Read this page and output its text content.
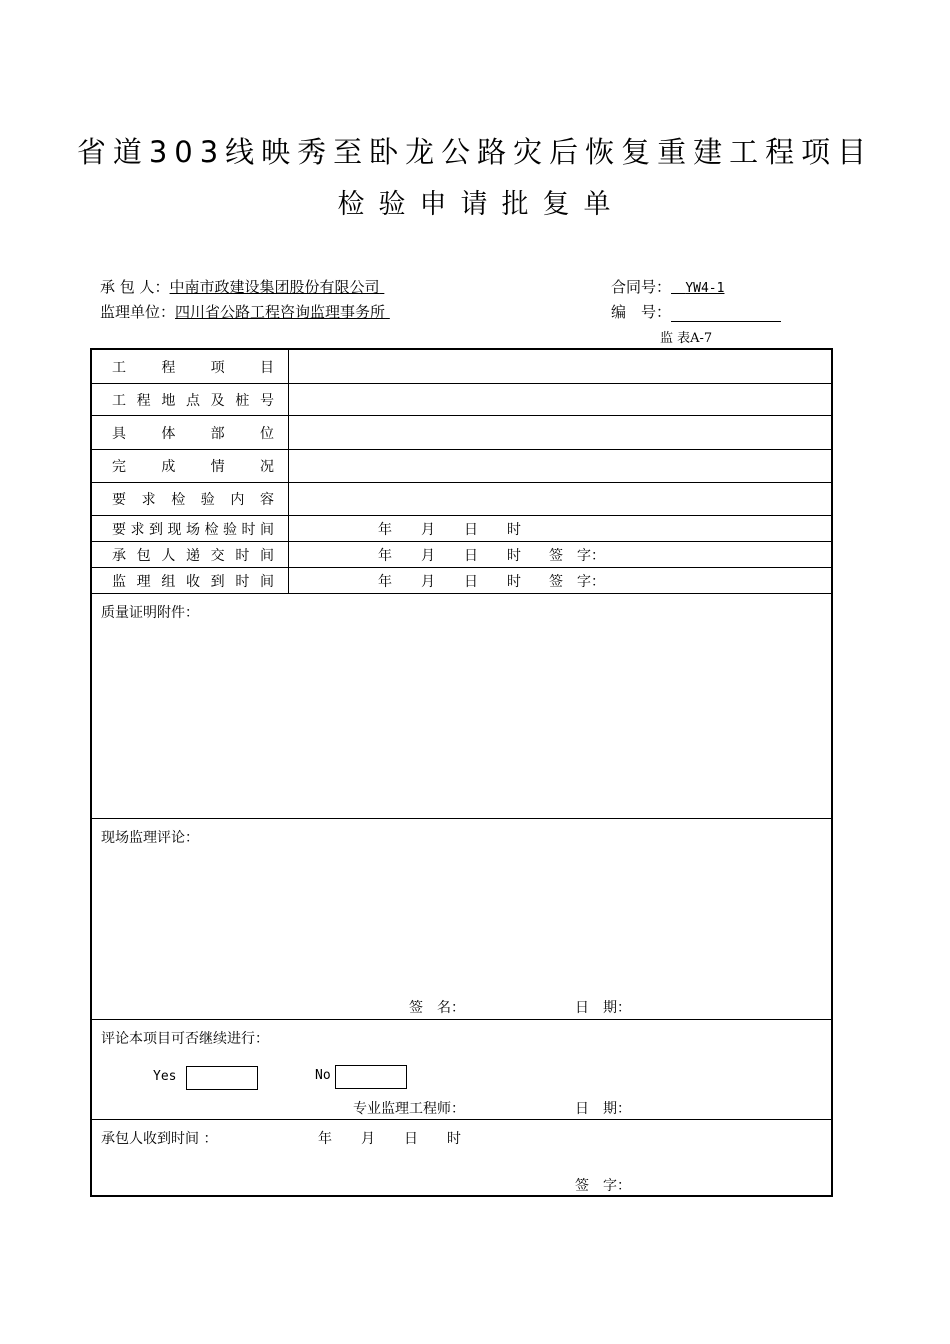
省道303线映秀至卧龙公路灾后恢复重建工程项目
检验申请批复单
承 包 人：中南市政建设集团股份有限公司
监理单位：四川省公路工程咨询监理事务所
合同号： YW4-1
编　号：
监 表A-7
工程项目
工程地点及桩号
具体部位
完成情况
要求检验内容
要求到现场检验时间	年 月 日 时
承包人递交时间	年 月 日 时 签　字：
监理组收到时间	年 月 日 时 签　字：
质量证明附件：
现场监理评论：
签　名：	日　期：
评论本项目可否继续进行：
Yes	No
专业监理工程师：	日　期：
承包人收到时间 ：	年 月 日 时
签　字：
